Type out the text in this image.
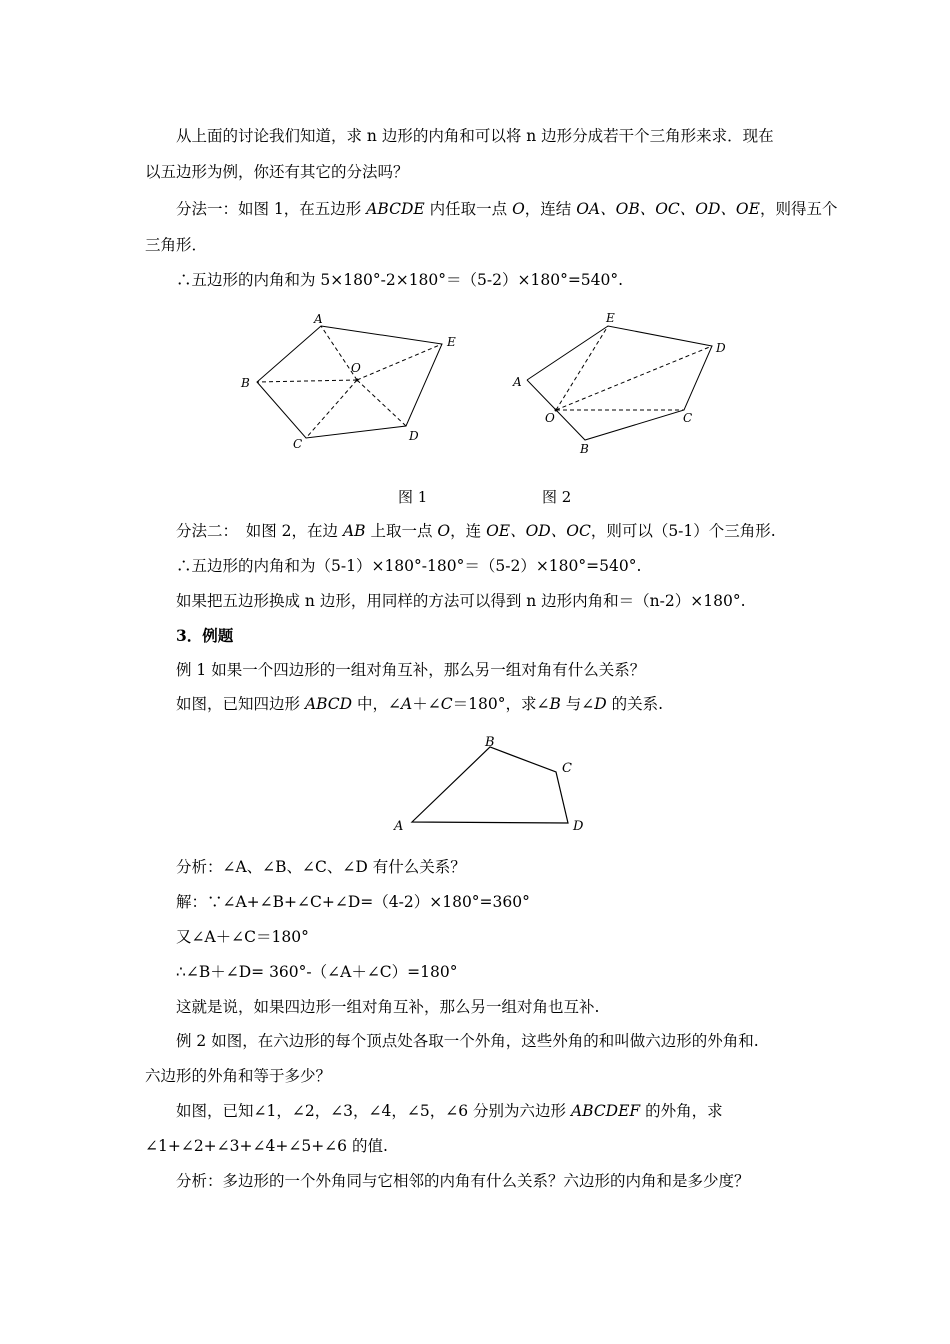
从上面的讨论我们知道，求 n 边形的内角和可以将 n 边形分成若干个三角形来求．现在
以五边形为例，你还有其它的分法吗？
分法一：如图 1，在五边形 ABCDE 内任取一点 O，连结 OA、OB、OC、OD、OE，则得五个
三角形．
∴五边形的内角和为 5×180°-2×180°＝（5-2）×180°=540°.
A
E
O
B
C
D
E
D
A
O	C
B
图 1	图 2
分法二：　如图 2，在边 AB 上取一点 O，连 OE、OD、OC，则可以（5-1）个三角形.
∴五边形的内角和为（5-1）×180°-180°＝（5-2）×180°=540°.
如果把五边形换成 n 边形，用同样的方法可以得到 n 边形内角和＝（n-2）×180°.
3．例题
例 1 如果一个四边形的一组对角互补，那么另一组对角有什么关系？
如图，已知四边形 ABCD 中，∠A＋∠C＝180°，求∠B 与∠D 的关系.
A
B
C
D
分析：∠A、∠B、∠C、∠D 有什么关系？
解：∵∠A+∠B+∠C+∠D=（4-2）×180°=360°
又∠A＋∠C＝180°
∴∠B＋∠D= 360°-（∠A＋∠C）=180°
这就是说，如果四边形一组对角互补，那么另一组对角也互补.
例 2 如图，在六边形的每个顶点处各取一个外角，这些外角的和叫做六边形的外角和.
六边形的外角和等于多少？
如图，已知∠1，∠2，∠3，∠4，∠5，∠6 分别为六边形 ABCDEF 的外角，求
∠1+∠2+∠3+∠4+∠5+∠6 的值.
分析：多边形的一个外角同与它相邻的内角有什么关系？六边形的内角和是多少度？
